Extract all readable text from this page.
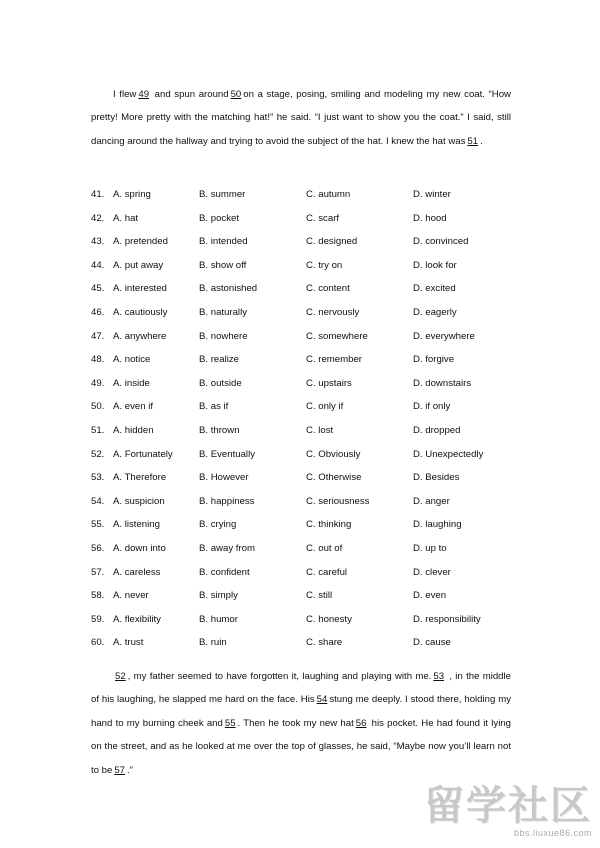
I flew 49 and spun around 50 on a stage, posing, smiling and modeling my new coat. “How pretty! More pretty with the matching hat!” he said. “I just want to show you the coat.” I said, still dancing around the hallway and trying to avoid the subject of the hat. I knew the hat was 51 .

41. A. spring	B. summer	C. autumn	D. winter
42. A. hat	B. pocket	C. scarf	D. hood
43. A. pretended	B. intended	C. designed	D. convinced
44. A. put away	B. show off	C. try on	D. look for
45. A. interested	B. astonished	C. content	D. excited
46. A. cautiously	B. naturally	C. nervously	D. eagerly
47. A. anywhere	B. nowhere	C. somewhere	D. everywhere
48. A. notice	B. realize	C. remember	D. forgive
49. A. inside	B. outside	C. upstairs	D. downstairs
50. A. even if	B. as if	C. only if	D. if only
51. A. hidden	B. thrown	C. lost	D. dropped
52. A. Fortunately	B. Eventually	C. Obviously	D. Unexpectedly
53. A. Therefore	B. However	C. Otherwise	D. Besides
54. A. suspicion	B. happiness	C. seriousness	D. anger
55. A. listening	B. crying	C. thinking	D. laughing
56. A. down into	B. away from	C. out of	D. up to
57. A. careless	B. confident	C. careful	D. clever
58. A. never	B. simply	C. still	D. even
59. A. flexibility	B. humor	C. honesty	D. responsibility
60. A. trust	B. ruin	C. share	D. cause

52 , my father seemed to have forgotten it, laughing and playing with me. 53 , in the middle of his laughing, he slapped me hard on the face. His 54 stung me deeply. I stood there, holding my hand to my burning cheek and 55 . Then he took my new hat 56 his pocket. He had found it lying on the street, and as he looked at me over the top of glasses, he said, “Maybe now you’ll learn not to be 57 .”

留学社区
bbs.liuxue86.com
